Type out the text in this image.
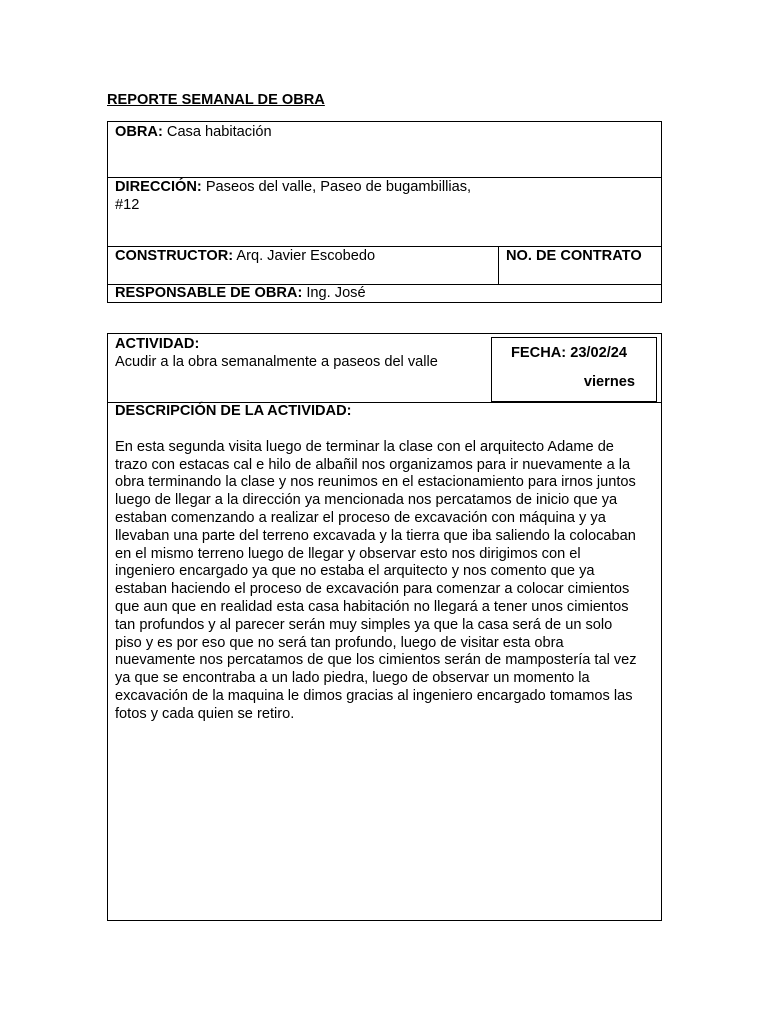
REPORTE SEMANAL DE OBRA

OBRA: Casa habitación
DIRECCIÓN: Paseos del valle, Paseo de bugambillias,
#12
CONSTRUCTOR: Arq. Javier Escobedo	NO. DE CONTRATO
RESPONSABLE DE OBRA: Ing. José
ACTIVIDAD:
Acudir a la obra semanalmente a paseos del valle
FECHA: 23/02/24
viernes
DESCRIPCIÓN DE LA ACTIVIDAD:
En esta segunda visita luego de terminar la clase con el arquitecto Adame de
trazo con estacas cal e hilo de albañil nos organizamos para ir nuevamente a la
obra terminando la clase y nos reunimos en el estacionamiento para irnos juntos
luego de llegar a la dirección ya mencionada nos percatamos de inicio que ya
estaban comenzando a realizar el proceso de excavación con máquina y ya
llevaban una parte del terreno excavada y la tierra que iba saliendo la colocaban
en el mismo terreno luego de llegar y observar esto nos dirigimos con el
ingeniero encargado ya que no estaba el arquitecto y nos comento que ya
estaban haciendo el proceso de excavación para comenzar a colocar cimientos
que aun que en realidad esta casa habitación no llegará a tener unos cimientos
tan profundos y al parecer serán muy simples ya que la casa será de un solo
piso y es por eso que no será tan profundo, luego de visitar esta obra
nuevamente nos percatamos de que los cimientos serán de mampostería tal vez
ya que se encontraba a un lado piedra, luego de observar un momento la
excavación de la maquina le dimos gracias al ingeniero encargado tomamos las
fotos y cada quien se retiro.
